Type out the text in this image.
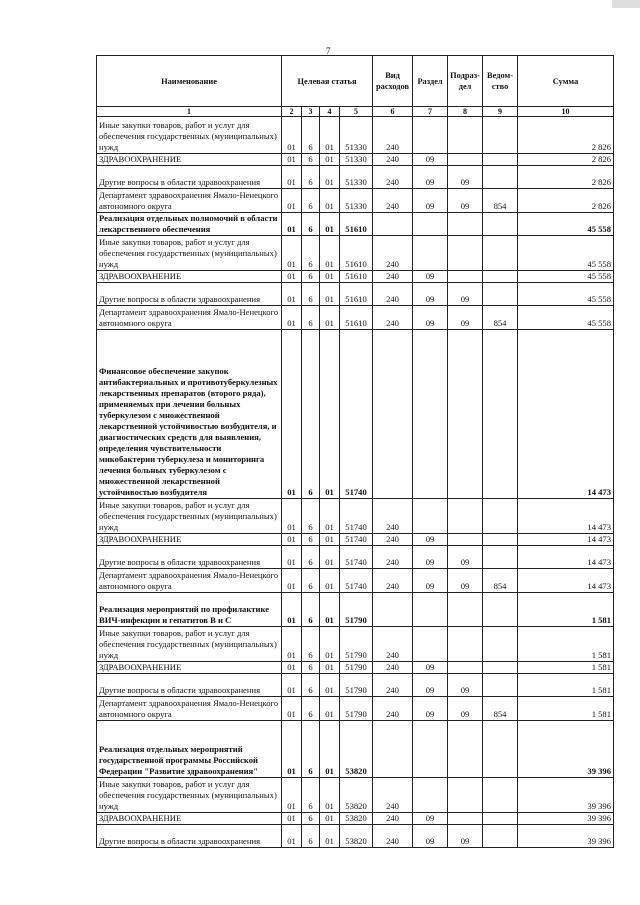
7
Наименование	Целевая статья				Вид расходов	Раздел	Подраз-дел	Ведом-ство	Сумма
1	2	3	4	5	6	7	8	9	10
Иные закупки товаров, работ и услуг для обеспечения государственных (муниципальных) нужд	01	6	01	51330	240				2 826
ЗДРАВООХРАНЕНИЕ	01	6	01	51330	240	09			2 826
Другие вопросы в области здравоохранения	01	6	01	51330	240	09	09		2 826
Департамент здравоохранения Ямало-Ненецкого автономного округа	01	6	01	51330	240	09	09	854	2 826
Реализация отдельных полномочий в области лекарственного обеспечения	01	6	01	51610					45 558
Иные закупки товаров, работ и услуг для обеспечения государственных (муниципальных) нужд	01	6	01	51610	240				45 558
ЗДРАВООХРАНЕНИЕ	01	6	01	51610	240	09			45 558
Другие вопросы в области здравоохранения	01	6	01	51610	240	09	09		45 558
Департамент здравоохранения Ямало-Ненецкого автономного округа	01	6	01	51610	240	09	09	854	45 558
Финансовое обеспечение закупок антибактериальных и противотуберкулезных лекарственных препаратов (второго ряда), применяемых при лечении больных туберкулезом с множественной лекарственной устойчивостью возбудителя, и диагностических средств для выявления, определения чувствительности микобактерии туберкулеза и мониторинга лечения больных туберкулезом с множественной лекарственной устойчивостью возбудителя	01	6	01	51740					14 473
Иные закупки товаров, работ и услуг для обеспечения государственных (муниципальных) нужд	01	6	01	51740	240				14 473
ЗДРАВООХРАНЕНИЕ	01	6	01	51740	240	09			14 473
Другие вопросы в области здравоохранения	01	6	01	51740	240	09	09		14 473
Департамент здравоохранения Ямало-Ненецкого автономного округа	01	6	01	51740	240	09	09	854	14 473
Реализация мероприятий по профилактике ВИЧ-инфекции и гепатитов В и С	01	6	01	51790					1 581
Иные закупки товаров, работ и услуг для обеспечения государственных (муниципальных) нужд	01	6	01	51790	240				1 581
ЗДРАВООХРАНЕНИЕ	01	6	01	51790	240	09			1 581
Другие вопросы в области здравоохранения	01	6	01	51790	240	09	09		1 581
Департамент здравоохранения Ямало-Ненецкого автономного округа	01	6	01	51790	240	09	09	854	1 581
Реализация отдельных мероприятий государственной программы Российской Федерации "Развитие здравоохранения"	01	6	01	53820					39 396
Иные закупки товаров, работ и услуг для обеспечения государственных (муниципальных) нужд	01	6	01	53820	240				39 396
ЗДРАВООХРАНЕНИЕ	01	6	01	53820	240	09			39 396
Другие вопросы в области здравоохранения	01	6	01	53820	240	09	09		39 396
